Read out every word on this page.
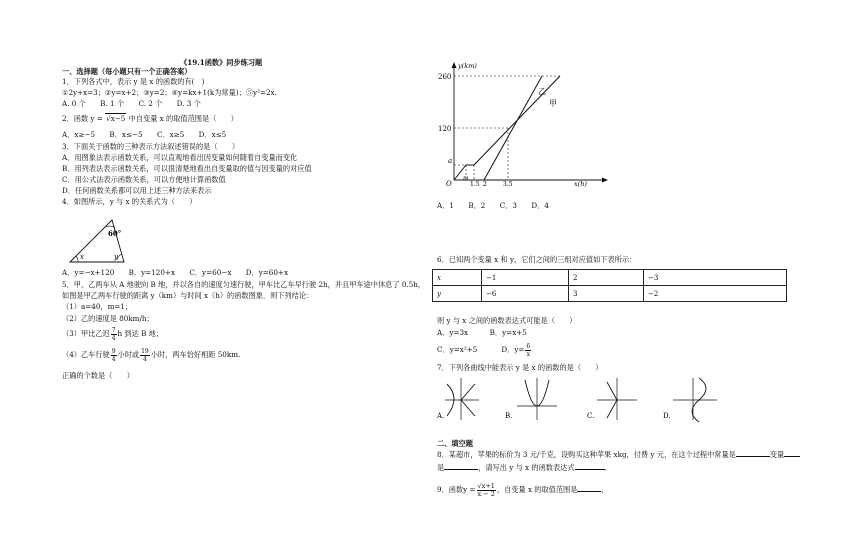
《19.1函数》同步练习题
一、选择题（每小题只有一个正确答案）
1．下列各式中，表示 y 是 x 的函数的有(　)
①2y+x=3；②y=x+2；③y=2；④y=kx+1(k为常量)；⑤y²=2x.
A. 0 个　　B. 1 个　　C. 2 个　　D. 3 个
2．函数 y = √x−5 中自变量 x 的取值范围是（　　）
A．x≥−5　　B．x≤−5　　C．x≥5　　D．x≤5
3．下面关于函数的三种表示方法叙述错误的是（　　）
A．用图象法表示函数关系，可以直观地看出因变量如何随着自变量而变化
B．用列表法表示函数关系，可以很清楚地看出自变量取的值与因变量的对应值
C．用公式法表示函数关系，可以方便地计算函数值
D．任何函数关系都可以用上述三种方法来表示
4．如图所示，y 与 x 的关系式为（　　）
60°
x	y
A．y=−x+120　　B．y=120+x　　C．y=60−x　　D．y=60+x
5．甲、乙两车从 A 地驶向 B 地，并以各自的速度匀速行驶，甲车比乙车早行驶 2h，并且甲车途中休息了 0.5h，
如图是甲乙两车行驶的距离 y（km）与时间 x（h）的函数图象．则下列结论：
（1）a=40，m=1；
（2）乙的速度是 80km/h；
（3）甲比乙迟 $\frac{7}{4}$ h 到达 B 地；
（4）乙车行驶 $\frac{9}{4}$ 小时或 $\frac{19}{4}$ 小时，两车恰好相距 50km.
正确的个数是（　　）
y(km)
x(h)
O
260
120
a
m
1.5 2	3.5
乙
甲
A．1　　B．2　　C．3　　D．4
6．已知两个变量 x 和 y，它们之间的三组对应值如下表所示：
x	−1	2	−3
y	−6	3	−2
则 y 与 x 之间的函数表达式可能是（　　）
A．y=3x　　　B．y=x+5
C．y=x²+5	D．$y= \frac{6}{x}$
7．下列各曲线中能表示 y 是 x 的函数的是（　　）
A.	B.	C.	D.
二、填空题
8．某超市，苹果的标价为 3 元/千克，设购买这种苹果 xkg，付费 y 元，在这个过程中常量是	变量
是	，请写出 y 与 x 的函数表达式	．
9．函数$y = \frac{√x+1}{x - 2}$ ，自变量 x 的取值范围是	．
